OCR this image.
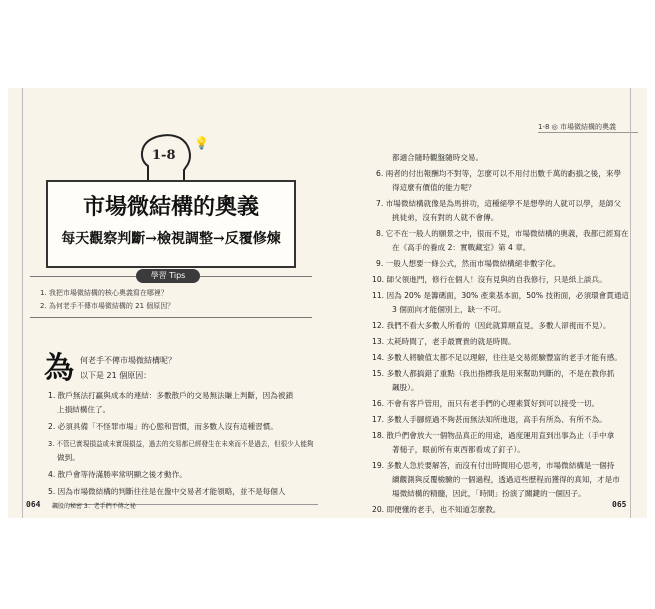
1-8
💡
市場微結構的奧義
每天觀察判斷→檢視調整→反覆修煉
學習 Tips
1. 我把市場微結構的核心奧義寫在哪裡？
2. 為何老手不傳市場微結構的 21 個原因？
為 何老手不傳市場微結構呢？
以下是 21 個原因：
1. 散戶無法打贏與成本的連結：多數散戶的交易無法賺上判斷，因為被鎖
上損結構住了。
2. 必須具備「不怪罪市場」的心態和習慣，而多數人沒有這種習慣。
3. 不管已實現損益或未實現損益，過去的交易都已經發生在未來而不是過去，但很少人能夠
做到。
4. 散戶會等待滿勝率常明顯之後才動作。
5. 因為市場微結構的判斷往往是在盤中交易者才能領略，並不是每個人
064 飆股的秘密 3：老手們不傳之祕
1-8 ◎ 市場微結構的奧義
都適合隨時觀盤隨時交易。
6. 兩者的付出報酬均不對等，怎麼可以不用付出數千萬的虧損之後，來學
得這麼有價值的能力呢？
7. 市場微結構就像是為馬拼功，這種絕學不是想學的人就可以學，是師父
挑徒弟，沒有對的人就不會傳。
8. 它不在一般人的願景之中，很而不見，市場微結構的奧義，我都已經寫在
在《高手的養成 2：實戰藏室》第 4 章。
9. 一般人想要一條公式，然而市場微結構絕非數字化。
10. 師父領進門，修行在個人！沒有見與的自我修行，只是紙上談兵。
11. 因為 20% 是籌碼面，30% 產業基本面，50% 技術面，必須環會貫通這
3 個面向才能個別上，缺一不可。
12. 我們不看大多數人所看的（因此就算順直見，多數人卻視而不見）。
13. 太耗時間了，老手最寶貴的就是時間。
14. 多數人將驗值太都不足以理解，往往是交易經驗豐富的老手才能有感。
15. 多數人都搞錯了重點（我出指標我是用來幫助判斷的，不是在教你抓
飆股）。
16. 不會有客戶管用，而只有老手們的心理素質好到可以接受一切。
17. 多數人手腳經過不夠甚而無法知所進退，高手有所為、有所不為。
18. 散戶們會放大一個物品真正的用途，過度運用直到出事為止（手中拿
著槌子，眼前所有東西都看成了釘子）。
19. 多數人急於要解答，而沒有付出時間用心思考，市場微結構是一個持
續觀測與反覆檢驗的一個過程，透過這些歷程而獲得的真知，才是市
場微結構的精髓，因此，「時間」扮演了關鍵的一個因子。
20. 即便懂的老手，也不知道怎麼教。
065
